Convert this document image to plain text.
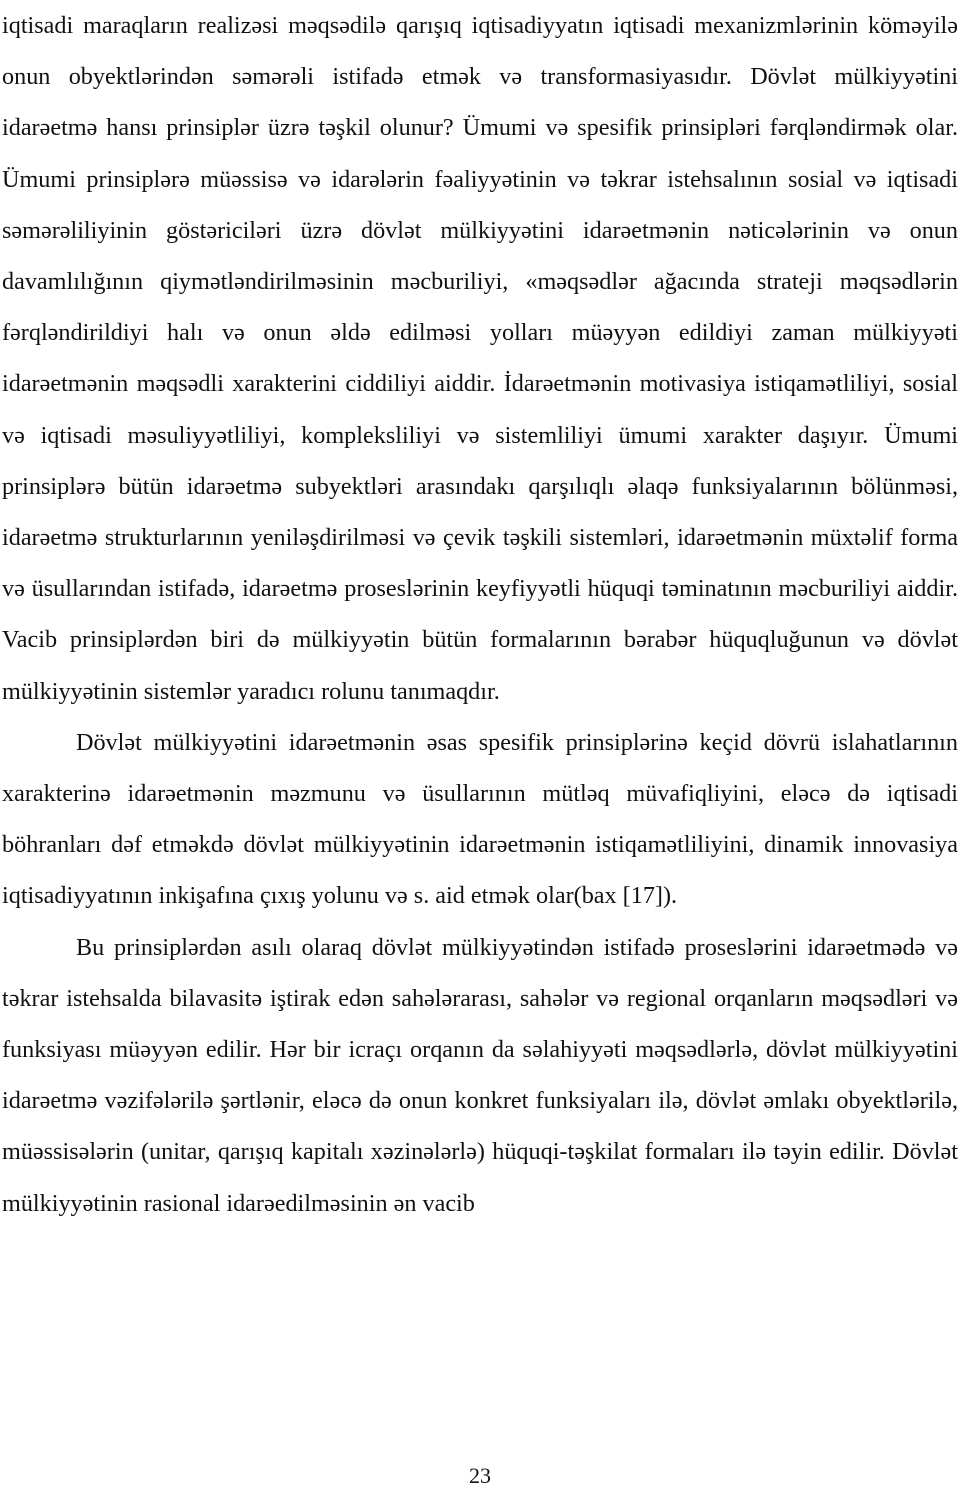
iqtisadi maraqların realizəsi məqsədilə qarışıq iqtisadiyyatın iqtisadi mexanizmlərinin köməyilə onun obyektlərindən səmərəli istifadə etmək və transformasiyasıdır. Dövlət mülkiyyətini idarəetmə hansı prinsiplər üzrə təşkil olunur? Ümumi və spesifik prinsipləri fərqləndirmək olar. Ümumi prinsiplərə müəssisə və idarələrin fəaliyyətinin və təkrar istehsalının sosial və iqtisadi səmərəliliyinin göstəriciləri üzrə dövlət mülkiyyətini idarəetmənin nəticələrinin və onun davamlılığının qiymətləndirilməsinin məcburiliyi, «məqsədlər ağacında strateji məqsədlərin fərqləndirildiyi halı və onun əldə edilməsi yolları müəyyən edildiyi zaman mülkiyyəti idarəetmənin məqsədli xarakterini ciddiliyi aiddir. İdarəetmənin motivasiya istiqamətliliyi, sosial və iqtisadi məsuliyyətliliyi, kompleksliliyi və sistemliliyi ümumi xarakter daşıyır. Ümumi prinsiplərə bütün idarəetmə subyektləri arasındakı qarşılıqlı əlaqə funksiyalarının bölünməsi, idarəetmə strukturlarının yeniləşdirilməsi və çevik təşkili sistemləri, idarəetmənin müxtəlif forma və üsullarından istifadə, idarəetmə proseslərinin keyfiyyətli hüquqi təminatının məcburiliyi aiddir. Vacib prinsiplərdən biri də mülkiyyətin bütün formalarının bərabər hüquqluğunun və dövlət mülkiyyətinin sistemlər yaradıcı rolunu tanımaqdır.

Dövlət mülkiyyətini idarəetmənin əsas spesifik prinsiplərinə keçid dövrü islahatlarının xarakterinə idarəetmənin məzmunu və üsullarının mütləq müvafiqliyini, eləcə də iqtisadi böhranları dəf etməkdə dövlət mülkiyyətinin idarəetmənin istiqamətliliyini, dinamik innovasiya iqtisadiyyatının inkişafına çıxış yolunu və s. aid etmək olar(bax [17]).

Bu prinsiplərdən asılı olaraq dövlət mülkiyyətindən istifadə proseslərini idarəetmədə və təkrar istehsalda bilavasitə iştirak edən sahələrarası, sahələr və regional orqanların məqsədləri və funksiyası müəyyən edilir. Hər bir icraçı orqanın da səlahiyyəti məqsədlərlə, dövlət mülkiyyətini idarəetmə vəzifələrilə şərtlənir, eləcə də onun konkret funksiyaları ilə, dövlət əmlakı obyektlərilə, müəssisələrin (unitar, qarışıq kapitalı xəzinələrlə) hüquqi-təşkilat formaları ilə təyin edilir. Dövlət mülkiyyətinin rasional idarəedilməsinin ən vacib

23
